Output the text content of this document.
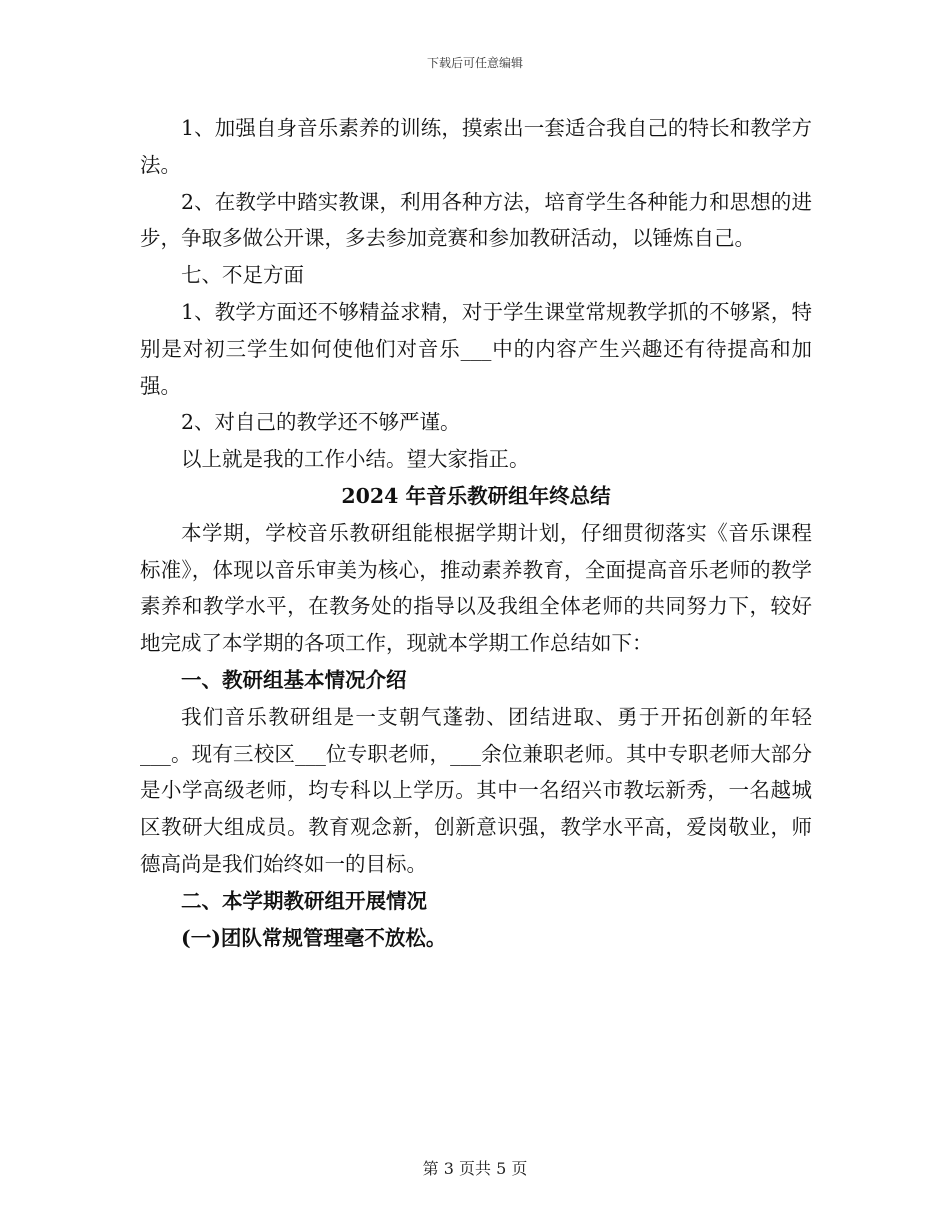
下载后可任意编辑

1、加强自身音乐素养的训练，摸索出一套适合我自己的特长和教学方法。

2、在教学中踏实教课，利用各种方法，培育学生各种能力和思想的进步，争取多做公开课，多去参加竞赛和参加教研活动，以锤炼自己。

七、不足方面

1、教学方面还不够精益求精，对于学生课堂常规教学抓的不够紧，特别是对初三学生如何使他们对音乐___中的内容产生兴趣还有待提高和加强。

2、对自己的教学还不够严谨。

以上就是我的工作小结。望大家指正。

2024 年音乐教研组年终总结

本学期，学校音乐教研组能根据学期计划，仔细贯彻落实《音乐课程标准》，体现以音乐审美为核心，推动素养教育，全面提高音乐老师的教学素养和教学水平，在教务处的指导以及我组全体老师的共同努力下，较好地完成了本学期的各项工作，现就本学期工作总结如下：

一、教研组基本情况介绍

我们音乐教研组是一支朝气蓬勃、团结进取、勇于开拓创新的年轻___。现有三校区___位专职老师，___余位兼职老师。其中专职老师大部分是小学高级老师，均专科以上学历。其中一名绍兴市教坛新秀，一名越城区教研大组成员。教育观念新，创新意识强，教学水平高，爱岗敬业，师德高尚是我们始终如一的目标。

二、本学期教研组开展情况

(一)团队常规管理毫不放松。

第 3 页共 5 页
